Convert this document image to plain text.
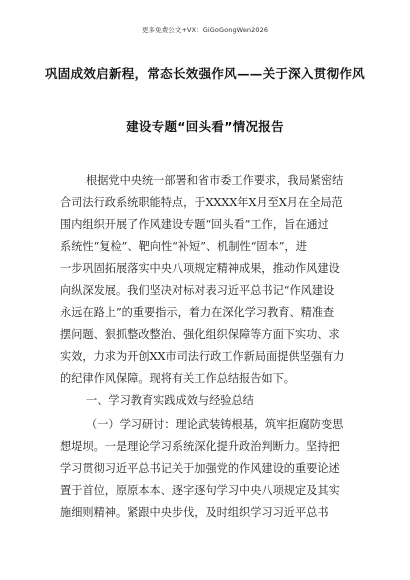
更多免费公文+VX：GiGoGongWen2026
巩固成效启新程，常态长效强作风——关于深入贯彻作风
建设专题“回头看”情况报告
根据党中央统一部署和省市委工作要求，我局紧密结
合司法行政系统职能特点，于XXXX年X月至X月在全局范
围内组织开展了作风建设专题“回头看”工作，旨在通过
系统性“复检”、靶向性“补短”、机制性“固本”，进
一步巩固拓展落实中央八项规定精神成果，推动作风建设
向纵深发展。我们坚决对标对表习近平总书记“作风建设
永远在路上”的重要指示，着力在深化学习教育、精准查
摆问题、狠抓整改整治、强化组织保障等方面下实功、求
实效，力求为开创XX市司法行政工作新局面提供坚强有力
的纪律作风保障。现将有关工作总结报告如下。
一、学习教育实践成效与经验总结
（一）学习研讨：理论武装铸根基，筑牢拒腐防变思
想堤坝。一是理论学习系统深化提升政治判断力。坚持把
学习贯彻习近平总书记关于加强党的作风建设的重要论述
置于首位，原原本本、逐字逐句学习中央八项规定及其实
施细则精神。紧跟中央步伐，及时组织学习习近平总书
